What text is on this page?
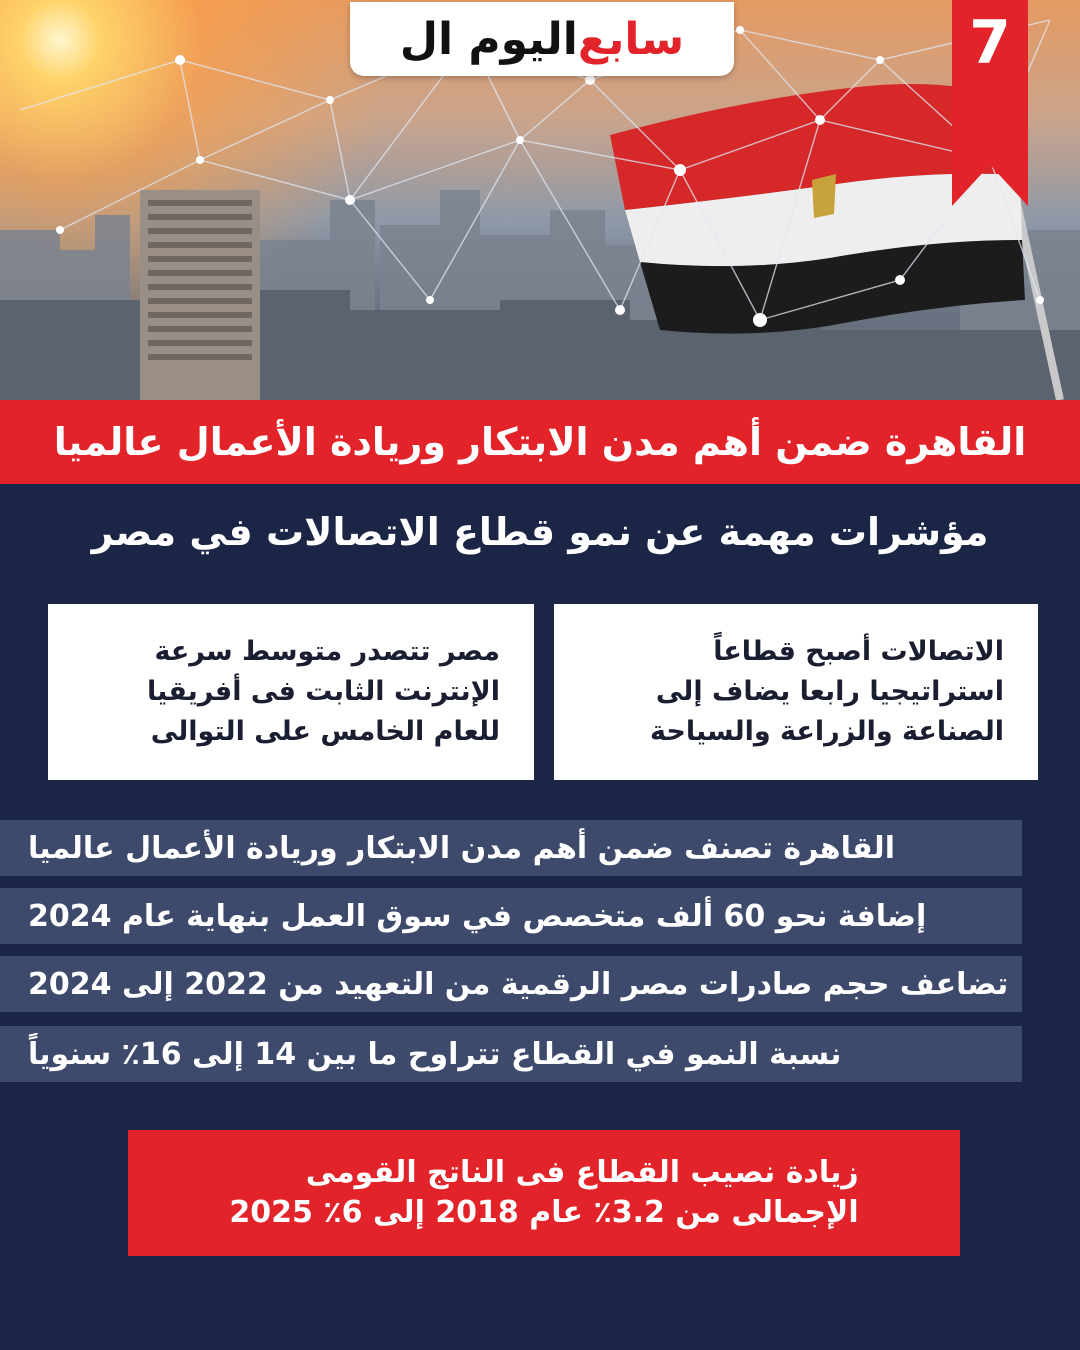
سابع
اليوم ال	7
القاهرة ضمن أهم مدن الابتكار وريادة الأعمال عالميا
مؤشرات مهمة عن نمو قطاع الاتصالات في مصر

الاتصالات أصبح قطاعاً
استراتيجيا رابعا يضاف إلى
الصناعة والزراعة والسياحة

مصر تتصدر متوسط سرعة
الإنترنت الثابت فى أفريقيا
للعام الخامس على التوالى

القاهرة تصنف ضمن أهم مدن الابتكار وريادة الأعمال عالميا
إضافة نحو 60 ألف متخصص في سوق العمل بنهاية عام 2024
تضاعف حجم صادرات مصر الرقمية من التعهيد من 2022 إلى 2024
نسبة النمو في القطاع تتراوح ما بين 14 إلى 16٪ سنوياً

زيادة نصيب القطاع فى الناتج القومى
الإجمالى من 3.2٪ عام 2018 إلى 6٪ 2025
